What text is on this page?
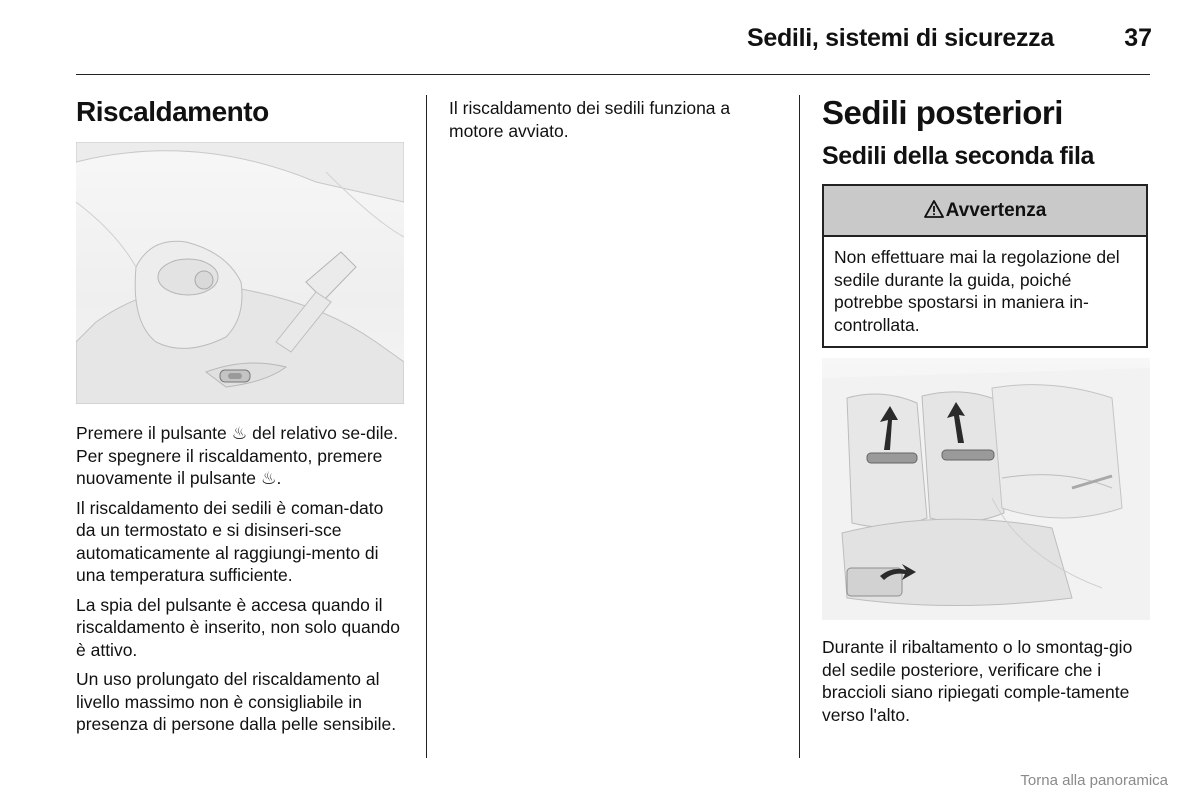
Sedili, sistemi di sicurezza	37
Riscaldamento

Premere il pulsante ♨ del relativo se-dile. Per spegnere il riscaldamento, premere nuovamente il pulsante ♨.

Il riscaldamento dei sedili è coman-dato da un termostato e si disinseri-sce automaticamente al raggiungi-mento di una temperatura sufficiente.

La spia del pulsante è accesa quando il riscaldamento è inserito, non solo quando è attivo.

Un uso prolungato del riscaldamento al livello massimo non è consigliabile in presenza di persone dalla pelle sensibile.

Il riscaldamento dei sedili funziona a motore avviato.	Sedili posteriori
Sedili della seconda fila
Avvertenza
Non effettuare mai la regolazione del sedile durante la guida, poiché potrebbe spostarsi in maniera in-controllata.

Durante il ribaltamento o lo smontag-gio del sedile posteriore, verificare che i braccioli siano ripiegati comple-tamente verso l'alto.

Torna alla panoramica
